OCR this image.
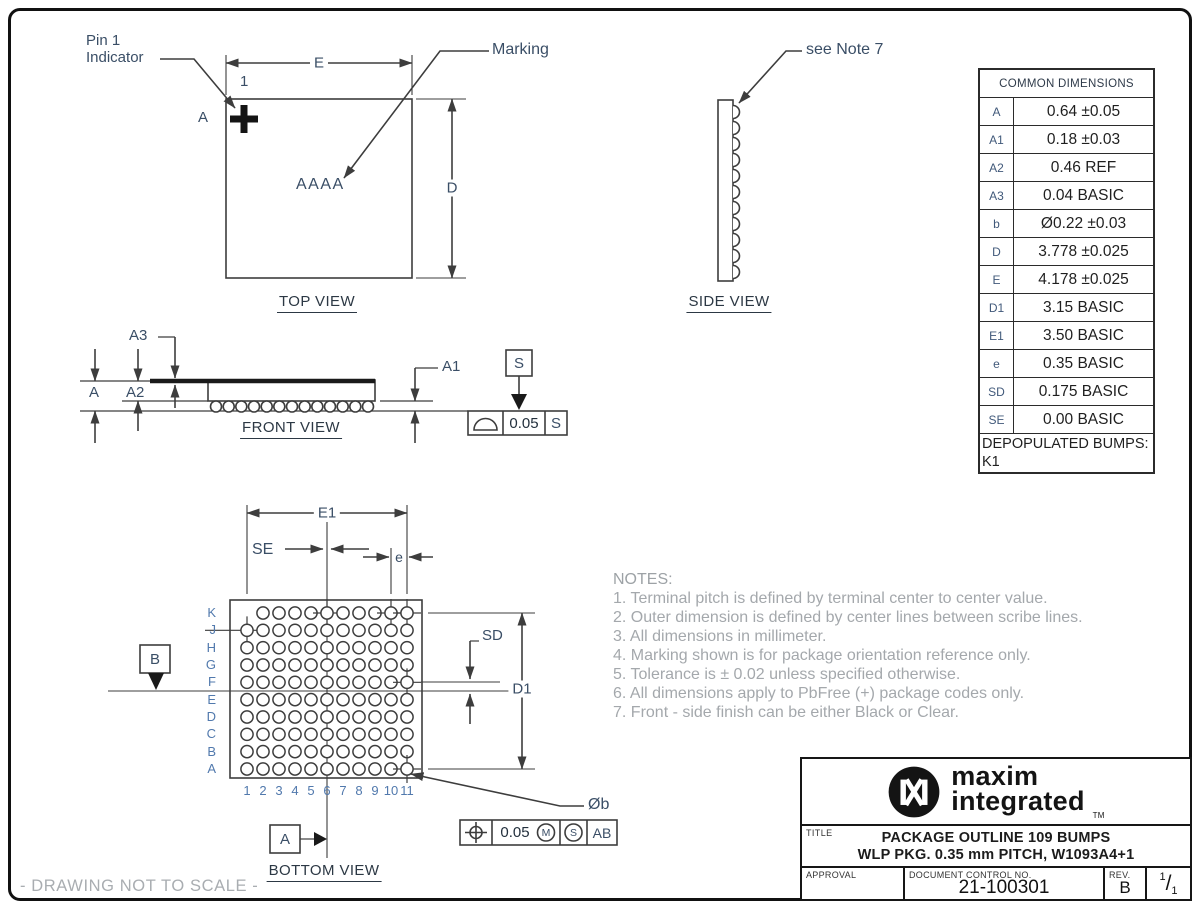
Pin 1
Indicator
1
A
AAAA
Marking
E
D
TOP VIEW
see Note 7
SIDE VIEW
A A2
A3
A1	S
0.05 S
FRONT VIEW
E1
SE	e
SD
D1
Øb
B
A	0.05	M S	AB
BOTTOM VIEW
K
J
H
G
F
E
D
C
B
A
1 2 3 4 5 6 7 8 9 10 11
NOTES:
1. Terminal pitch is defined by terminal center to center value.
2. Outer dimension is defined by center lines between scribe lines.
3. All dimensions in millimeter.
4. Marking shown is for package orientation reference only.
5. Tolerance is ± 0.02 unless specified otherwise.
6. All dimensions apply to PbFree (+) package codes only.
7. Front - side finish can be either Black or Clear.
COMMON DIMENSIONS
A	0.64 ±0.05
A1	0.18 ±0.03
A2	0.46 REF
A3	0.04 BASIC
b	Ø0.22 ±0.03
D	3.778 ±0.025
E	4.178 ±0.025
D1	3.15 BASIC
E1	3.50 BASIC
e	0.35 BASIC
SD	0.175 BASIC
SE	0.00 BASIC
DEPOPULATED BUMPS:
K1
maxim
integrated $_{TM}$
TITLE	PACKAGE OUTLINE 109 BUMPS
WLP PKG. 0.35 mm PITCH, W1093A4+1
APPROVAL	DOCUMENT CONTROL NO.
21-100301
REV.
B
1/1
- DRAWING NOT TO SCALE -
